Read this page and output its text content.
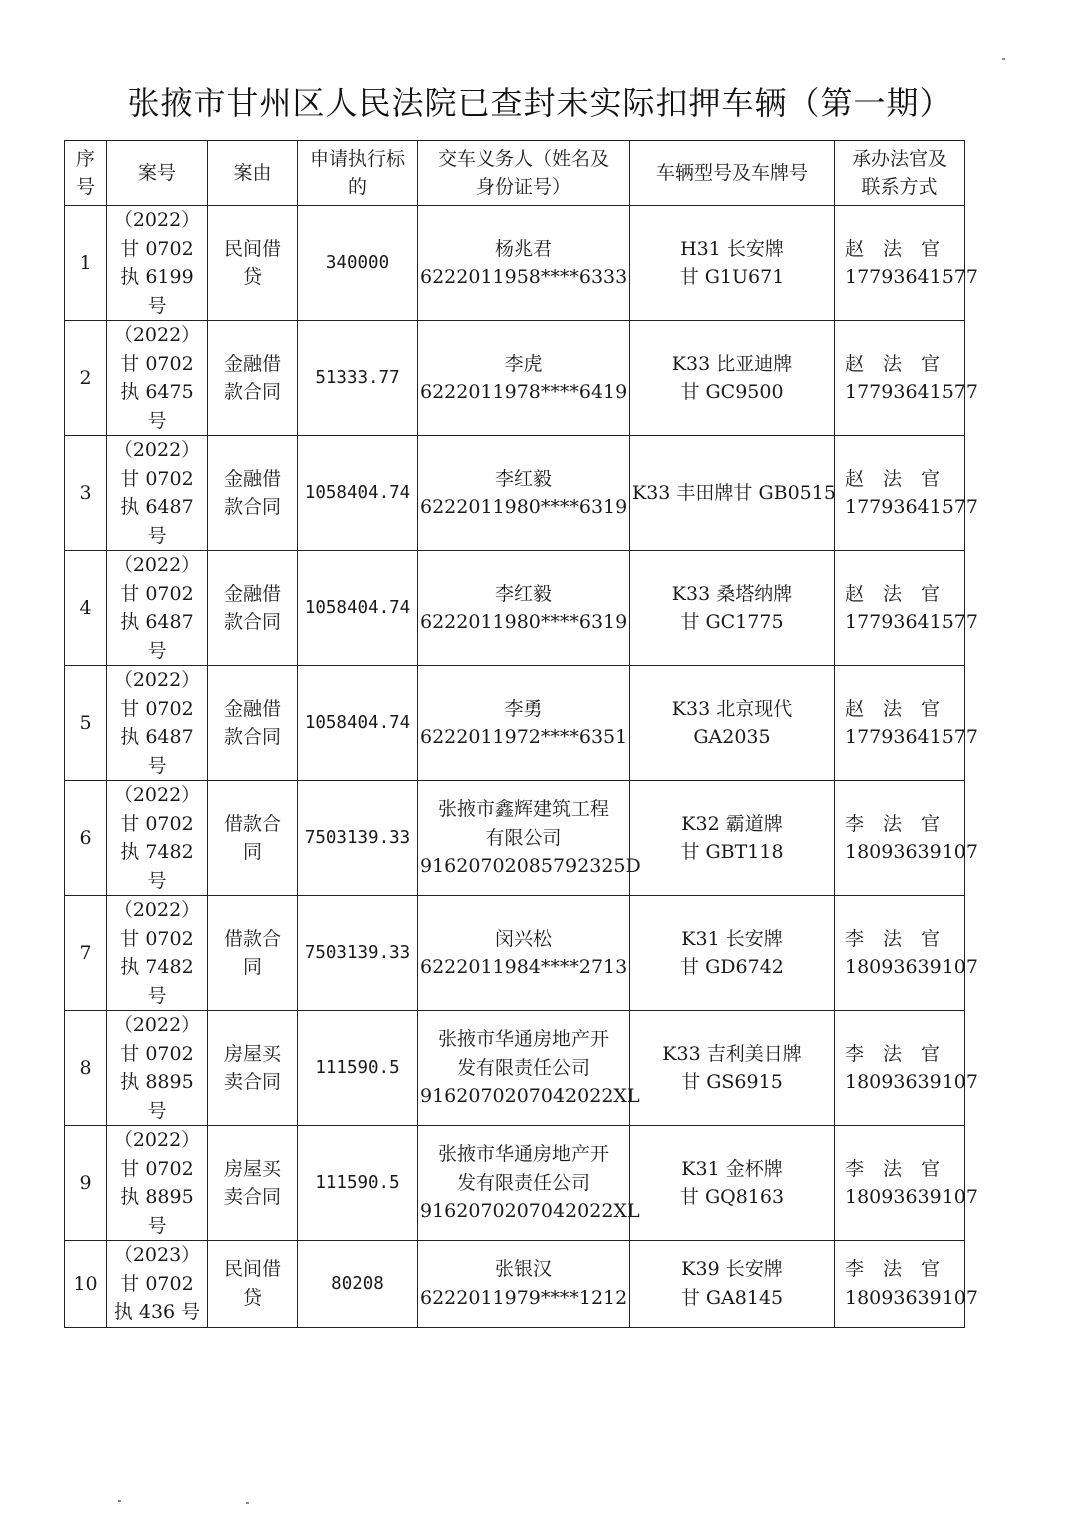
张掖市甘州区人民法院已查封未实际扣押车辆（第一期）
序
号	案号	案由	申请执行标
的	交车义务人（姓名及
身份证号）	车辆型号及车牌号	承办法官及
联系方式
1	（2022）
甘 0702
执 6199
号	民间借
贷	340000	杨兆君
6222011958****6333	H31 长安牌
甘 G1U671	赵法官
17793641577
2	（2022）
甘 0702
执 6475
号	金融借
款合同	51333.77	李虎
6222011978****6419	K33 比亚迪牌
甘 GC9500	赵法官
17793641577
3	（2022）
甘 0702
执 6487
号	金融借
款合同	1058404.74	李红毅
6222011980****6319	K33 丰田牌甘 GB0515	赵法官
17793641577
4	（2022）
甘 0702
执 6487
号	金融借
款合同	1058404.74	李红毅
6222011980****6319	K33 桑塔纳牌
甘 GC1775	赵法官
17793641577
5	（2022）
甘 0702
执 6487
号	金融借
款合同	1058404.74	李勇
6222011972****6351	K33 北京现代
GA2035	赵法官
17793641577
6	（2022）
甘 0702
执 7482
号	借款合
同	7503139.33	张掖市鑫辉建筑工程
有限公司
91620702085792325D	K32 霸道牌
甘 GBT118	李法官
18093639107
7	（2022）
甘 0702
执 7482
号	借款合
同	7503139.33	闵兴松
6222011984****2713	K31 长安牌
甘 GD6742	李法官
18093639107
8	（2022）
甘 0702
执 8895
号	房屋买
卖合同	111590.5	张掖市华通房地产开
发有限责任公司
9162070207042022XL	K33 吉利美日牌
甘 GS6915	李法官
18093639107
9	（2022）
甘 0702
执 8895
号	房屋买
卖合同	111590.5	张掖市华通房地产开
发有限责任公司
9162070207042022XL	K31 金杯牌
甘 GQ8163	李法官
18093639107
10	（2023）
甘 0702
执 436 号	民间借
贷	80208	张银汉
6222011979****1212	K39 长安牌
甘 GA8145	李法官
18093639107
